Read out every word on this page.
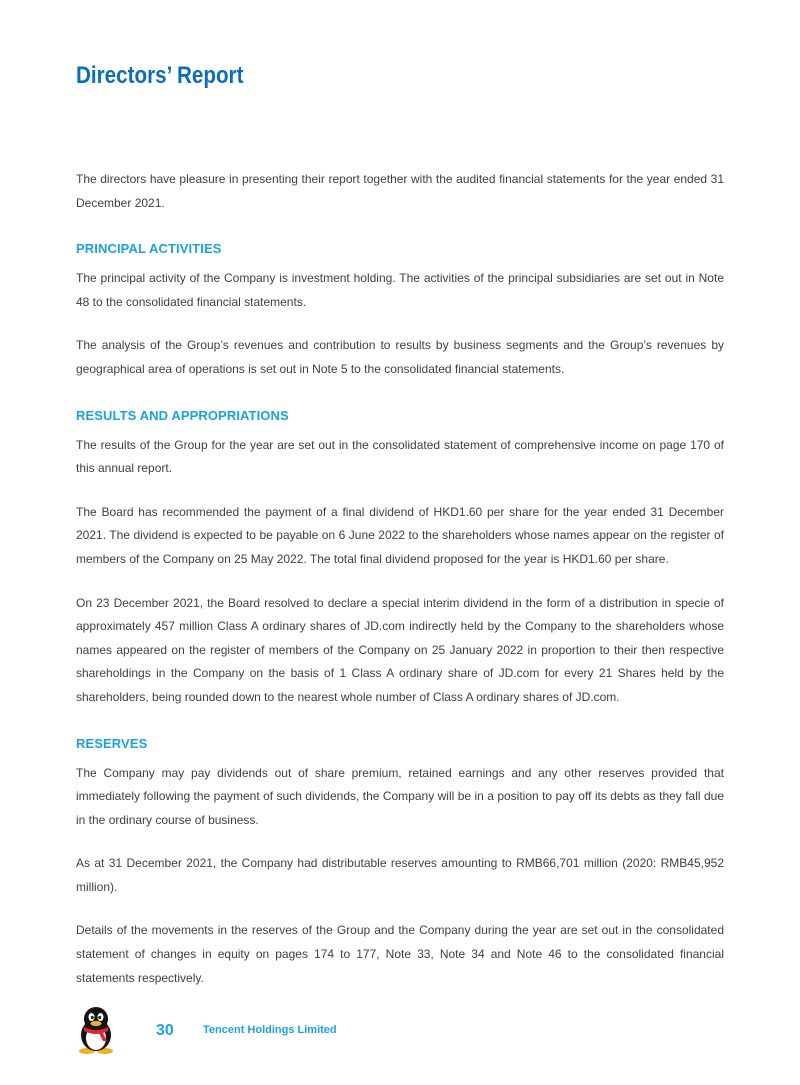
Directors’ Report

The directors have pleasure in presenting their report together with the audited financial statements for the year ended 31 December 2021.

PRINCIPAL ACTIVITIES

The principal activity of the Company is investment holding. The activities of the principal subsidiaries are set out in Note 48 to the consolidated financial statements.

The analysis of the Group’s revenues and contribution to results by business segments and the Group’s revenues by geographical area of operations is set out in Note 5 to the consolidated financial statements.

RESULTS AND APPROPRIATIONS

The results of the Group for the year are set out in the consolidated statement of comprehensive income on page 170 of this annual report.

The Board has recommended the payment of a final dividend of HKD1.60 per share for the year ended 31 December 2021. The dividend is expected to be payable on 6 June 2022 to the shareholders whose names appear on the register of members of the Company on 25 May 2022. The total final dividend proposed for the year is HKD1.60 per share.

On 23 December 2021, the Board resolved to declare a special interim dividend in the form of a distribution in specie of approximately 457 million Class A ordinary shares of JD.com indirectly held by the Company to the shareholders whose names appeared on the register of members of the Company on 25 January 2022 in proportion to their then respective shareholdings in the Company on the basis of 1 Class A ordinary share of JD.com for every 21 Shares held by the shareholders, being rounded down to the nearest whole number of Class A ordinary shares of JD.com.

RESERVES

The Company may pay dividends out of share premium, retained earnings and any other reserves provided that immediately following the payment of such dividends, the Company will be in a position to pay off its debts as they fall due in the ordinary course of business.

As at 31 December 2021, the Company had distributable reserves amounting to RMB66,701 million (2020: RMB45,952 million).

Details of the movements in the reserves of the Group and the Company during the year are set out in the consolidated statement of changes in equity on pages 174 to 177, Note 33, Note 34 and Note 46 to the consolidated financial statements respectively.

30	Tencent Holdings Limited
